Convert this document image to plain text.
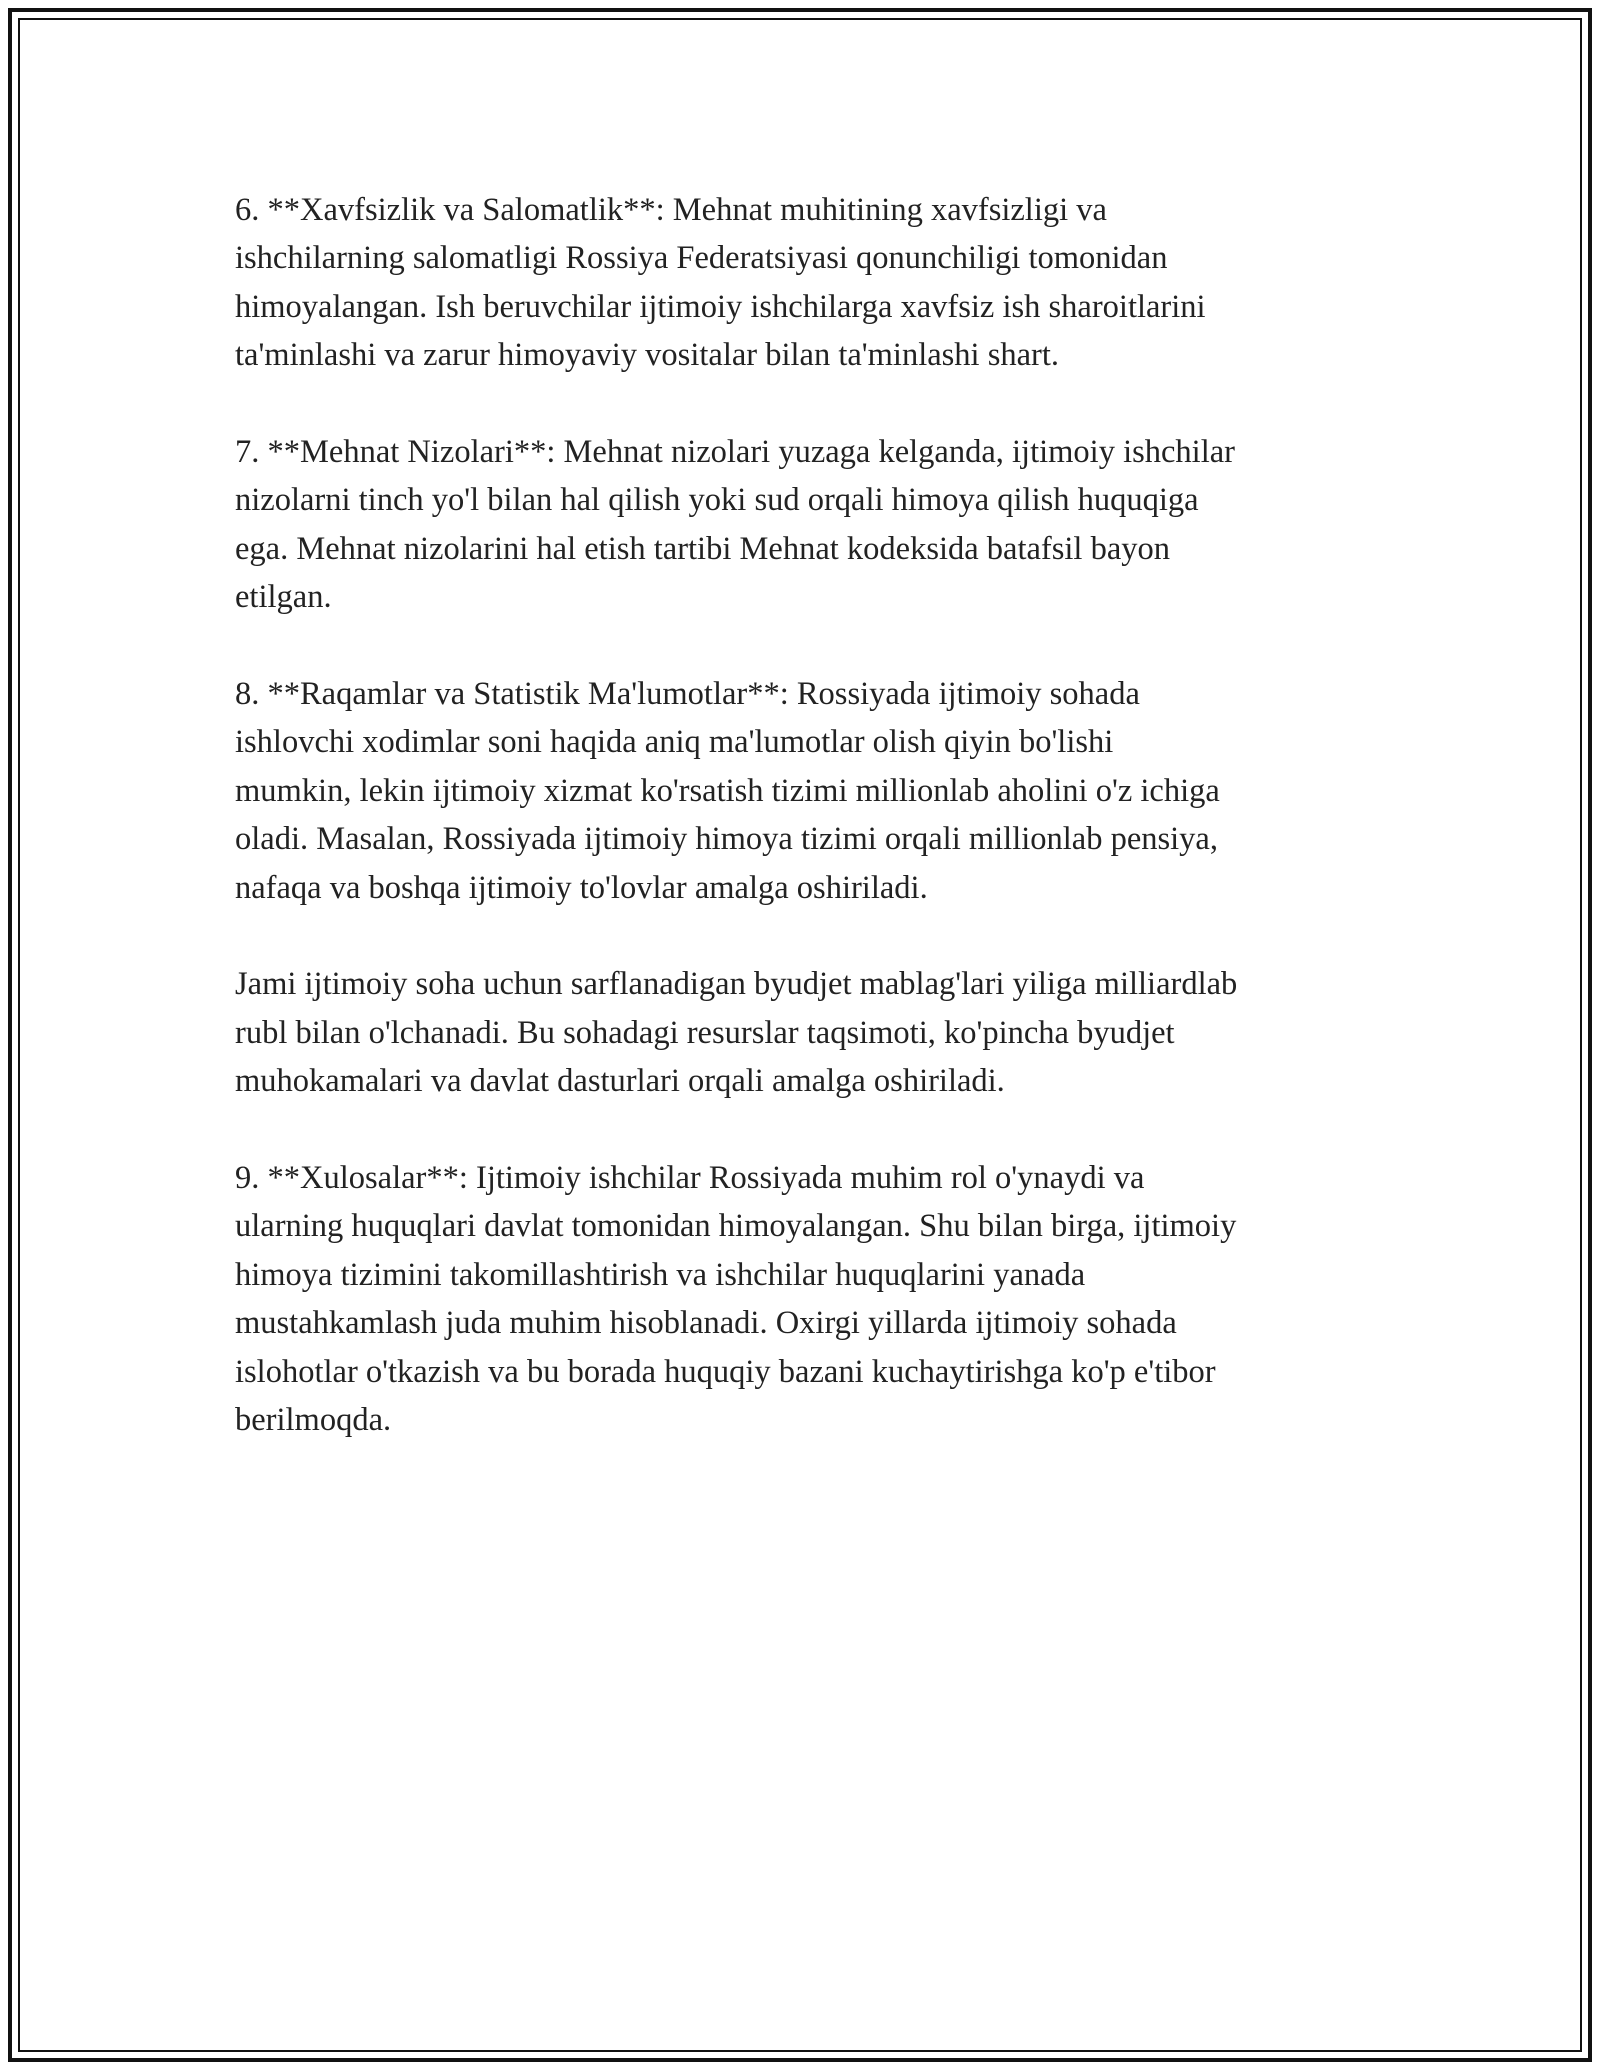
6. **Xavfsizlik va Salomatlik**: Mehnat muhitining xavfsizligi va
ishchilarning salomatligi Rossiya Federatsiyasi qonunchiligi tomonidan
himoyalangan. Ish beruvchilar ijtimoiy ishchilarga xavfsiz ish sharoitlarini
ta'minlashi va zarur himoyaviy vositalar bilan ta'minlashi shart.

7. **Mehnat Nizolari**: Mehnat nizolari yuzaga kelganda, ijtimoiy ishchilar
nizolarni tinch yo'l bilan hal qilish yoki sud orqali himoya qilish huquqiga
ega. Mehnat nizolarini hal etish tartibi Mehnat kodeksida batafsil bayon
etilgan.

8. **Raqamlar va Statistik Ma'lumotlar**: Rossiyada ijtimoiy sohada
ishlovchi xodimlar soni haqida aniq ma'lumotlar olish qiyin bo'lishi
mumkin, lekin ijtimoiy xizmat ko'rsatish tizimi millionlab aholini o'z ichiga
oladi. Masalan, Rossiyada ijtimoiy himoya tizimi orqali millionlab pensiya,
nafaqa va boshqa ijtimoiy to'lovlar amalga oshiriladi.

Jami ijtimoiy soha uchun sarflanadigan byudjet mablag'lari yiliga milliardlab
rubl bilan o'lchanadi. Bu sohadagi resurslar taqsimoti, ko'pincha byudjet
muhokamalari va davlat dasturlari orqali amalga oshiriladi.

9. **Xulosalar**: Ijtimoiy ishchilar Rossiyada muhim rol o'ynaydi va
ularning huquqlari davlat tomonidan himoyalangan. Shu bilan birga, ijtimoiy
himoya tizimini takomillashtirish va ishchilar huquqlarini yanada
mustahkamlash juda muhim hisoblanadi. Oxirgi yillarda ijtimoiy sohada
islohotlar o'tkazish va bu borada huquqiy bazani kuchaytirishga ko'p e'tibor
berilmoqda.
